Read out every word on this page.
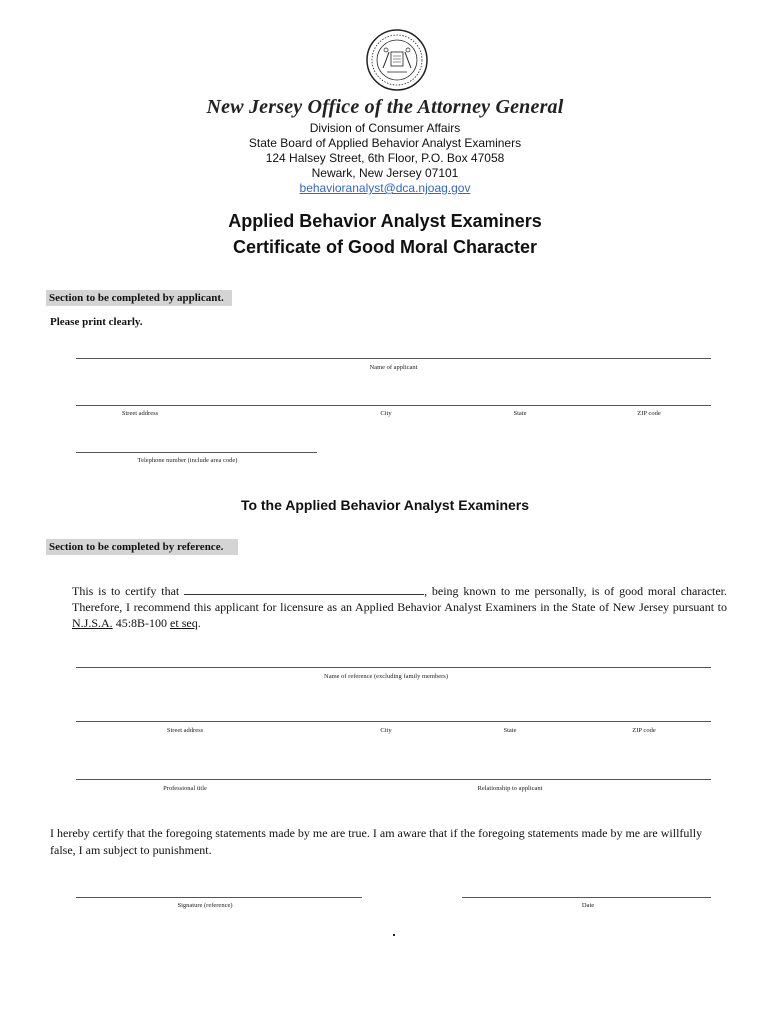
New Jersey Office of the Attorney General
Division of Consumer Affairs
State Board of Applied Behavior Analyst Examiners
124 Halsey Street, 6th Floor, P.O. Box 47058
Newark, New Jersey 07101
behavioranalyst@dca.njoag.gov
Applied Behavior Analyst Examiners
Certificate of Good Moral Character
Section to be completed by applicant.
Please print clearly.
Name of applicant
Street address	City	State	ZIP code
Telephone number (include area code)
To the Applied Behavior Analyst Examiners
Section to be completed by reference.
This is to certify that	, being known to me personally, is of good moral character. Therefore, I recommend this applicant for licensure as an Applied Behavior Analyst Examiners in the State of New Jersey pursuant to N.J.S.A. 45:8B-100 et seq.
Name of reference (excluding family members)
Street address	City	State	ZIP code
Professional title	Relationship to applicant
I hereby certify that the foregoing statements made by me are true. I am aware that if the foregoing statements made by me are willfully false, I am subject to punishment.
Signature (reference)	Date
